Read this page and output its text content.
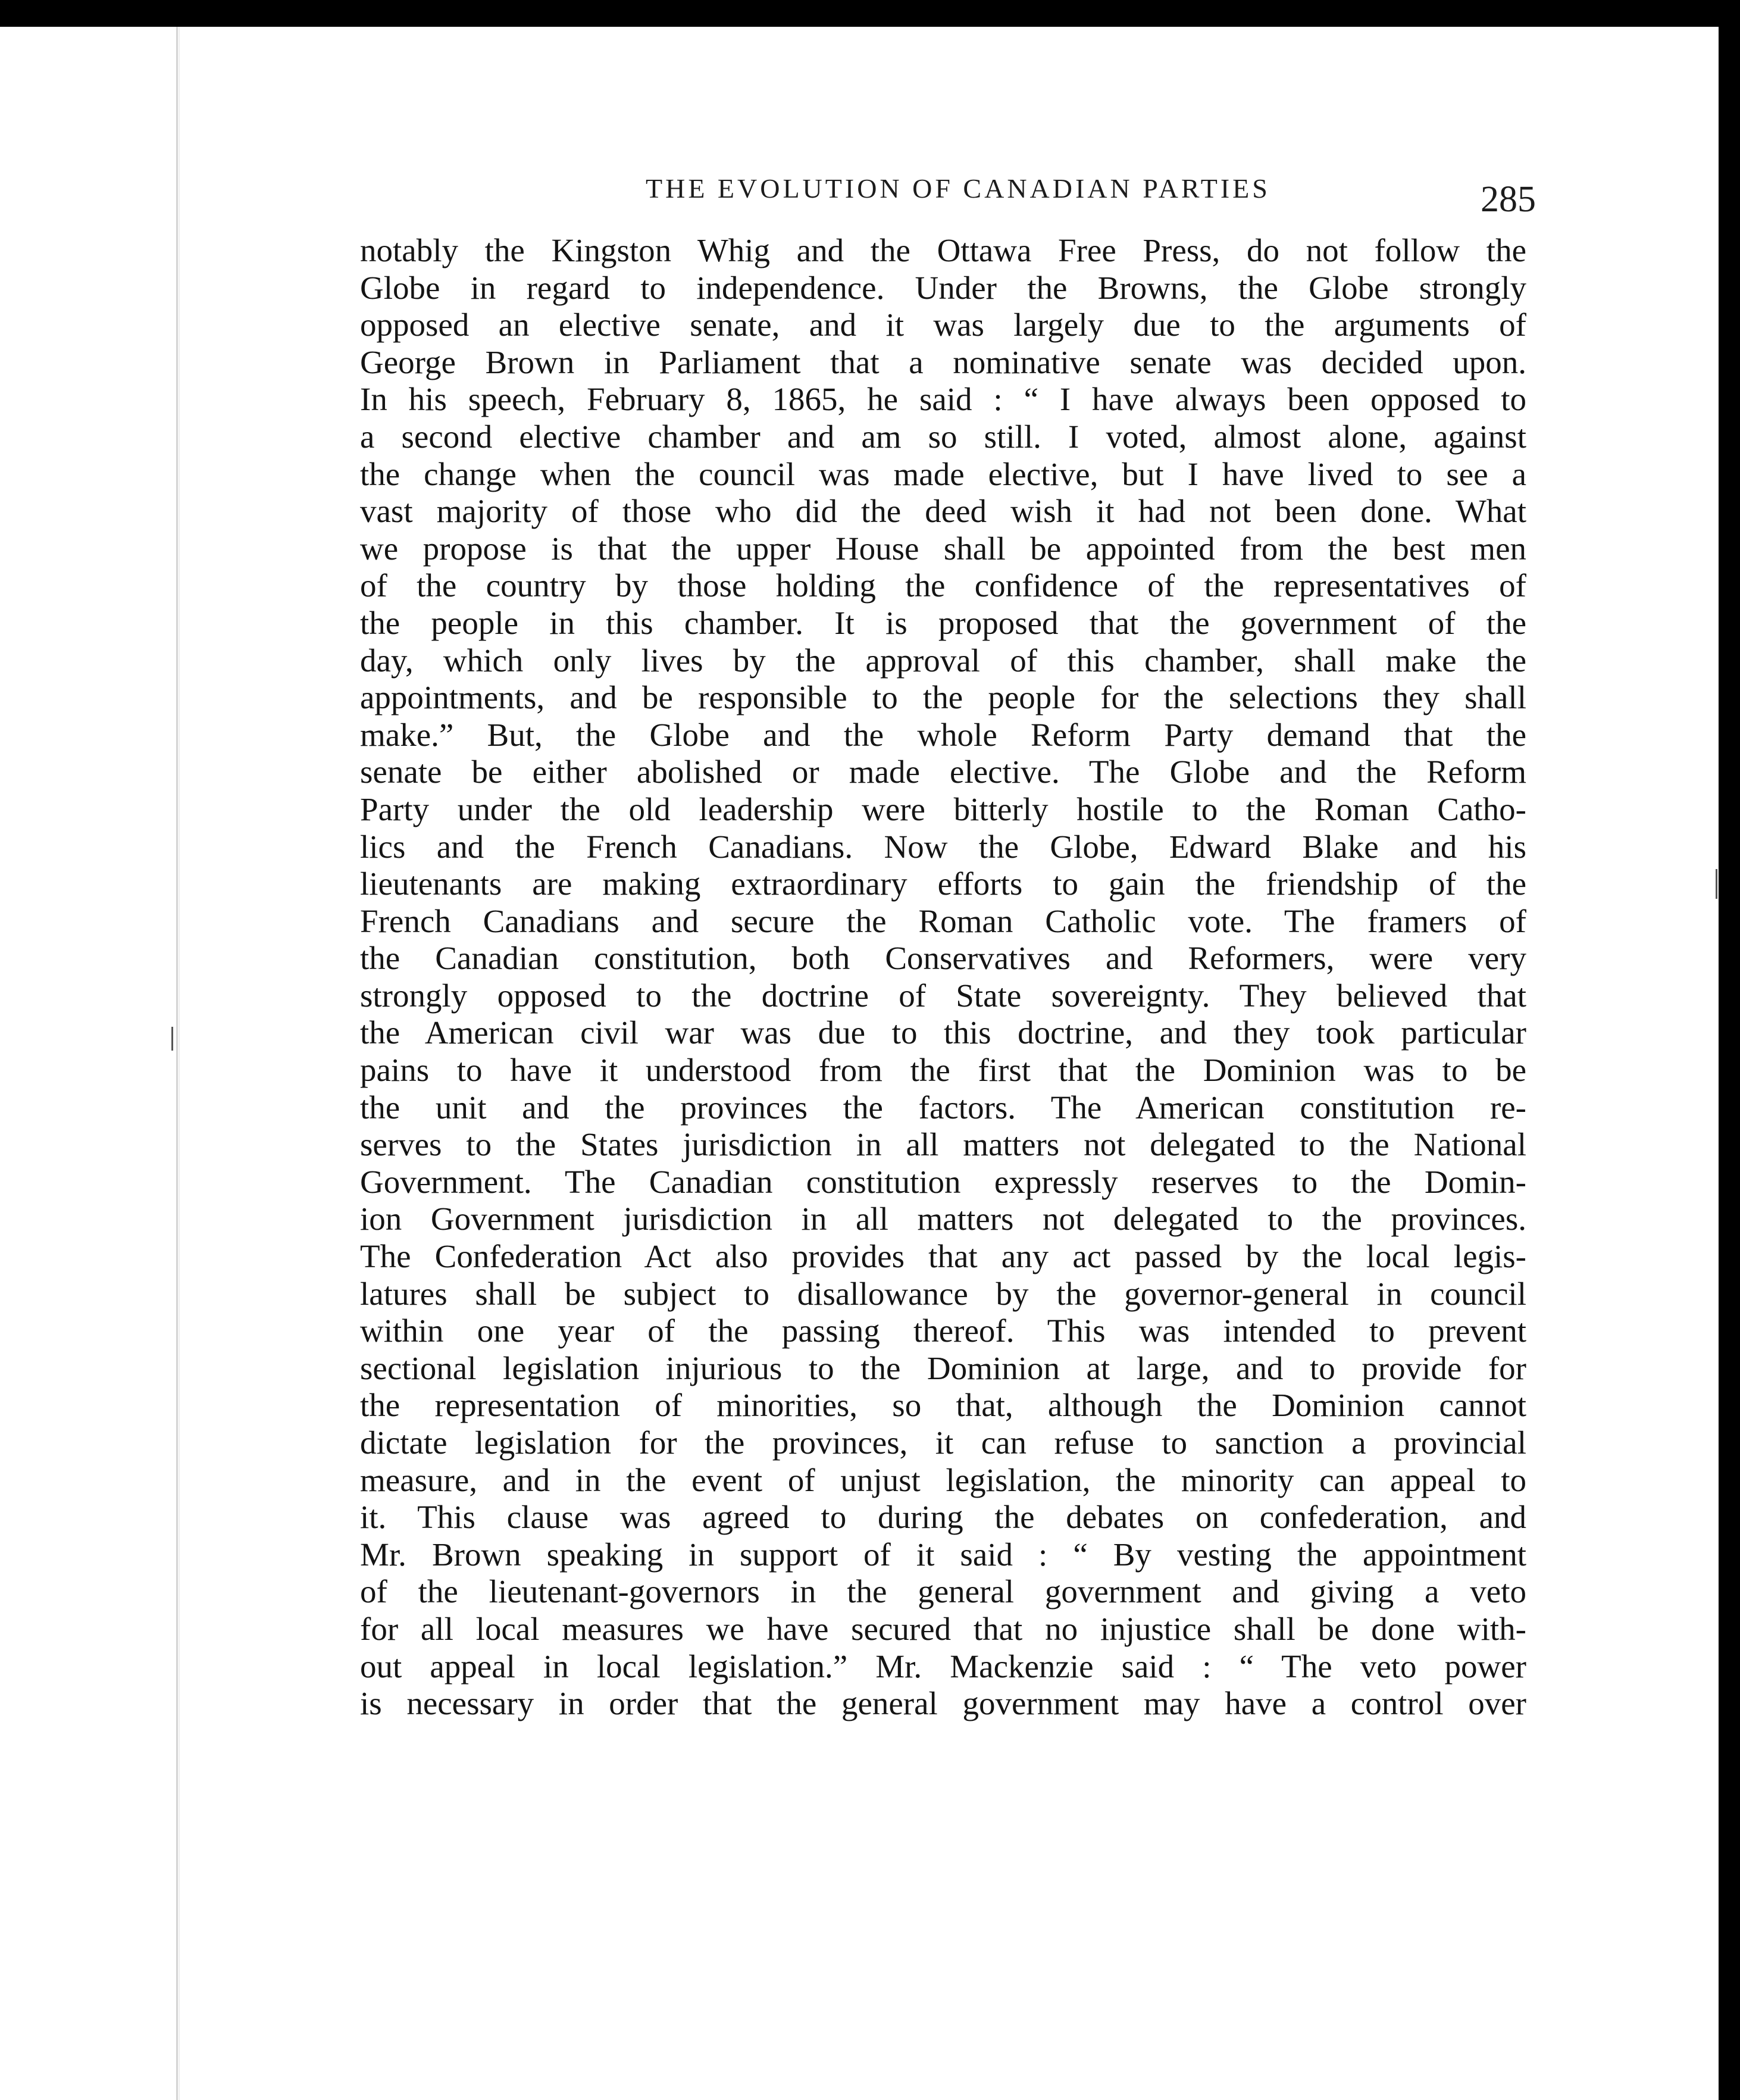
THE EVOLUTION OF CANADIAN PARTIES	285
notably the Kingston Whig and the Ottawa Free Press, do not follow the
Globe in regard to independence. Under the Browns, the Globe strongly
opposed an elective senate, and it was largely due to the arguments of
George Brown in Parliament that a nominative senate was decided upon.
In his speech, February 8, 1865, he said : “ I have always been opposed to
a second elective chamber and am so still. I voted, almost alone, against
the change when the council was made elective, but I have lived to see a
vast majority of those who did the deed wish it had not been done. What
we propose is that the upper House shall be appointed from the best men
of the country by those holding the confidence of the representatives of
the people in this chamber. It is proposed that the government of the
day, which only lives by the approval of this chamber, shall make the
appointments, and be responsible to the people for the selections they shall
make.” But, the Globe and the whole Reform Party demand that the
senate be either abolished or made elective. The Globe and the Reform
Party under the old leadership were bitterly hostile to the Roman Catho-
lics and the French Canadians. Now the Globe, Edward Blake and his
lieutenants are making extraordinary efforts to gain the friendship of the
French Canadians and secure the Roman Catholic vote. The framers of
the Canadian constitution, both Conservatives and Reformers, were very
strongly opposed to the doctrine of State sovereignty. They believed that
the American civil war was due to this doctrine, and they took particular
pains to have it understood from the first that the Dominion was to be
the unit and the provinces the factors. The American constitution re-
serves to the States jurisdiction in all matters not delegated to the National
Government. The Canadian constitution expressly reserves to the Domin-
ion Government jurisdiction in all matters not delegated to the provinces.
The Confederation Act also provides that any act passed by the local legis-
latures shall be subject to disallowance by the governor-general in council
within one year of the passing thereof. This was intended to prevent
sectional legislation injurious to the Dominion at large, and to provide for
the representation of minorities, so that, although the Dominion cannot
dictate legislation for the provinces, it can refuse to sanction a provincial
measure, and in the event of unjust legislation, the minority can appeal to
it. This clause was agreed to during the debates on confederation, and
Mr. Brown speaking in support of it said : “ By vesting the appointment
of the lieutenant-governors in the general government and giving a veto
for all local measures we have secured that no injustice shall be done with-
out appeal in local legislation.” Mr. Mackenzie said : “ The veto power
is necessary in order that the general government may have a control over
